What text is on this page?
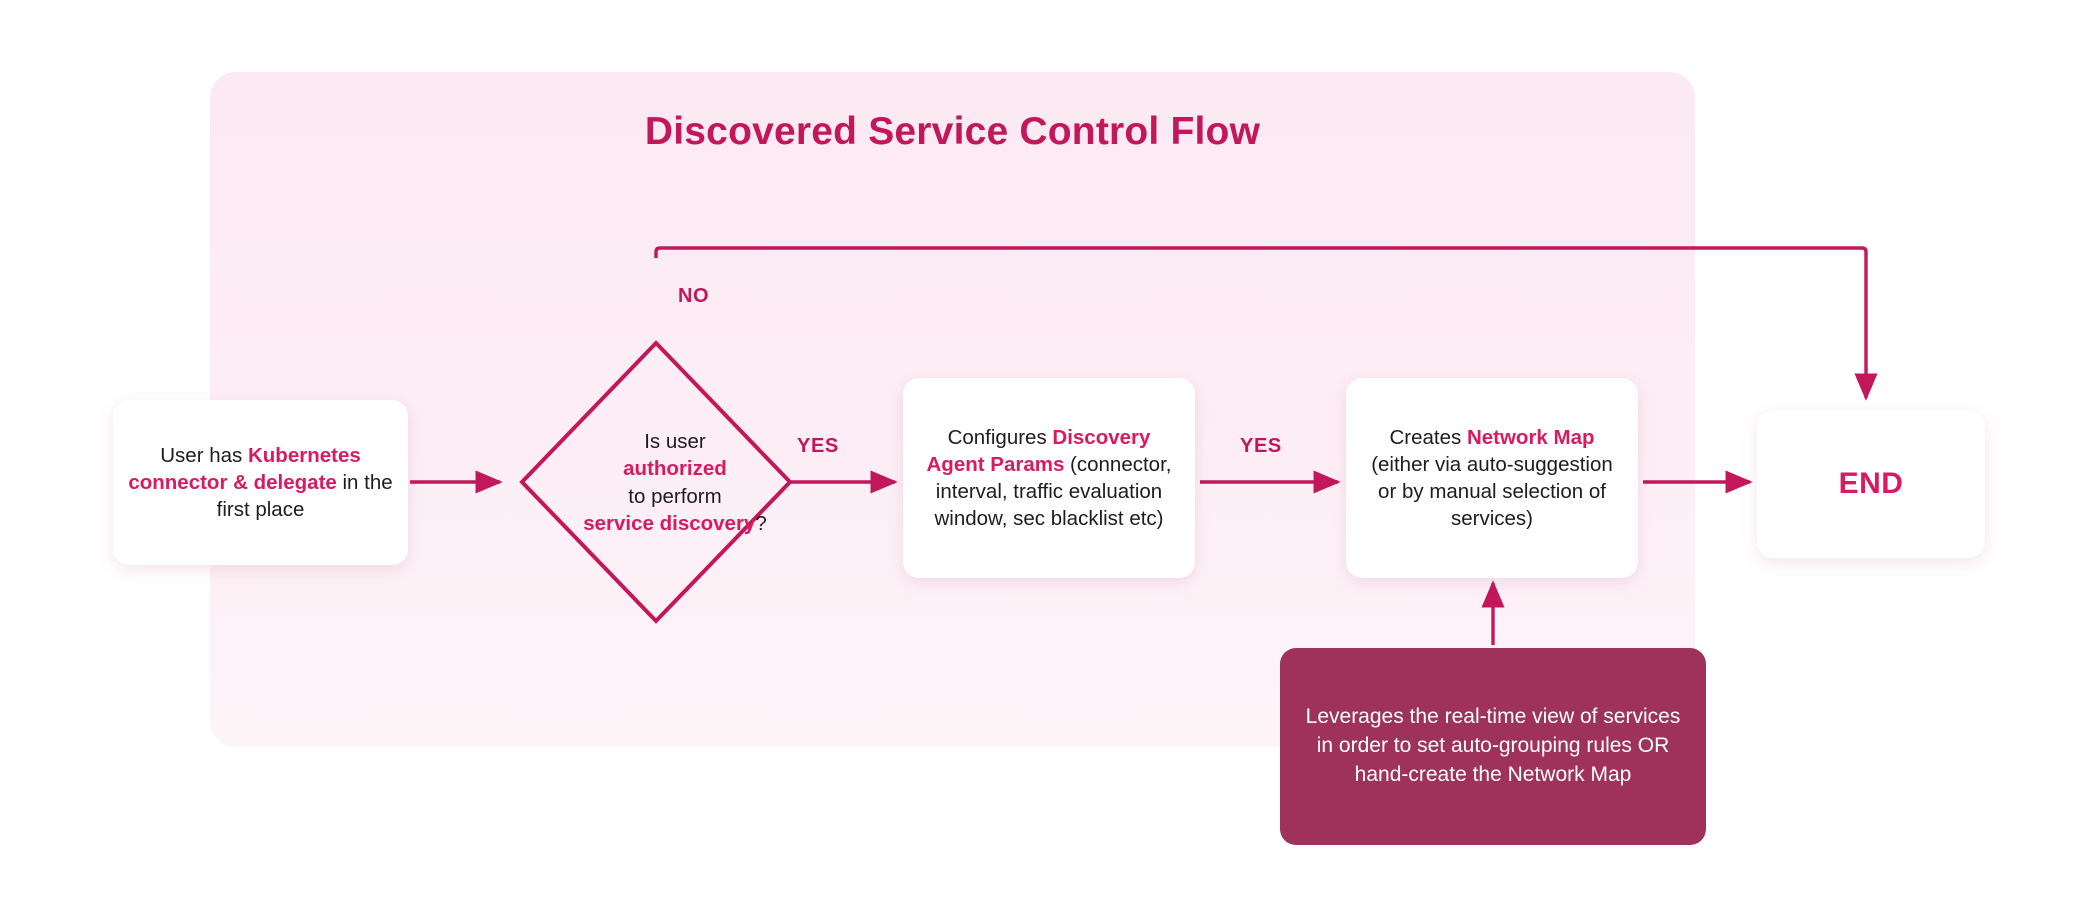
Discovered Service Control Flow
Is user
authorized
to perform
service discovery?
User has Kubernetes connector & delegate in the first place
Configures Discovery Agent Params (connector, interval, traffic evaluation window, sec blacklist etc)
Creates Network Map (either via auto-suggestion or by manual selection of services)
END
Leverages the real-time view of services in order to set auto-grouping rules OR hand-create the Network Map
NO
YES	YES
